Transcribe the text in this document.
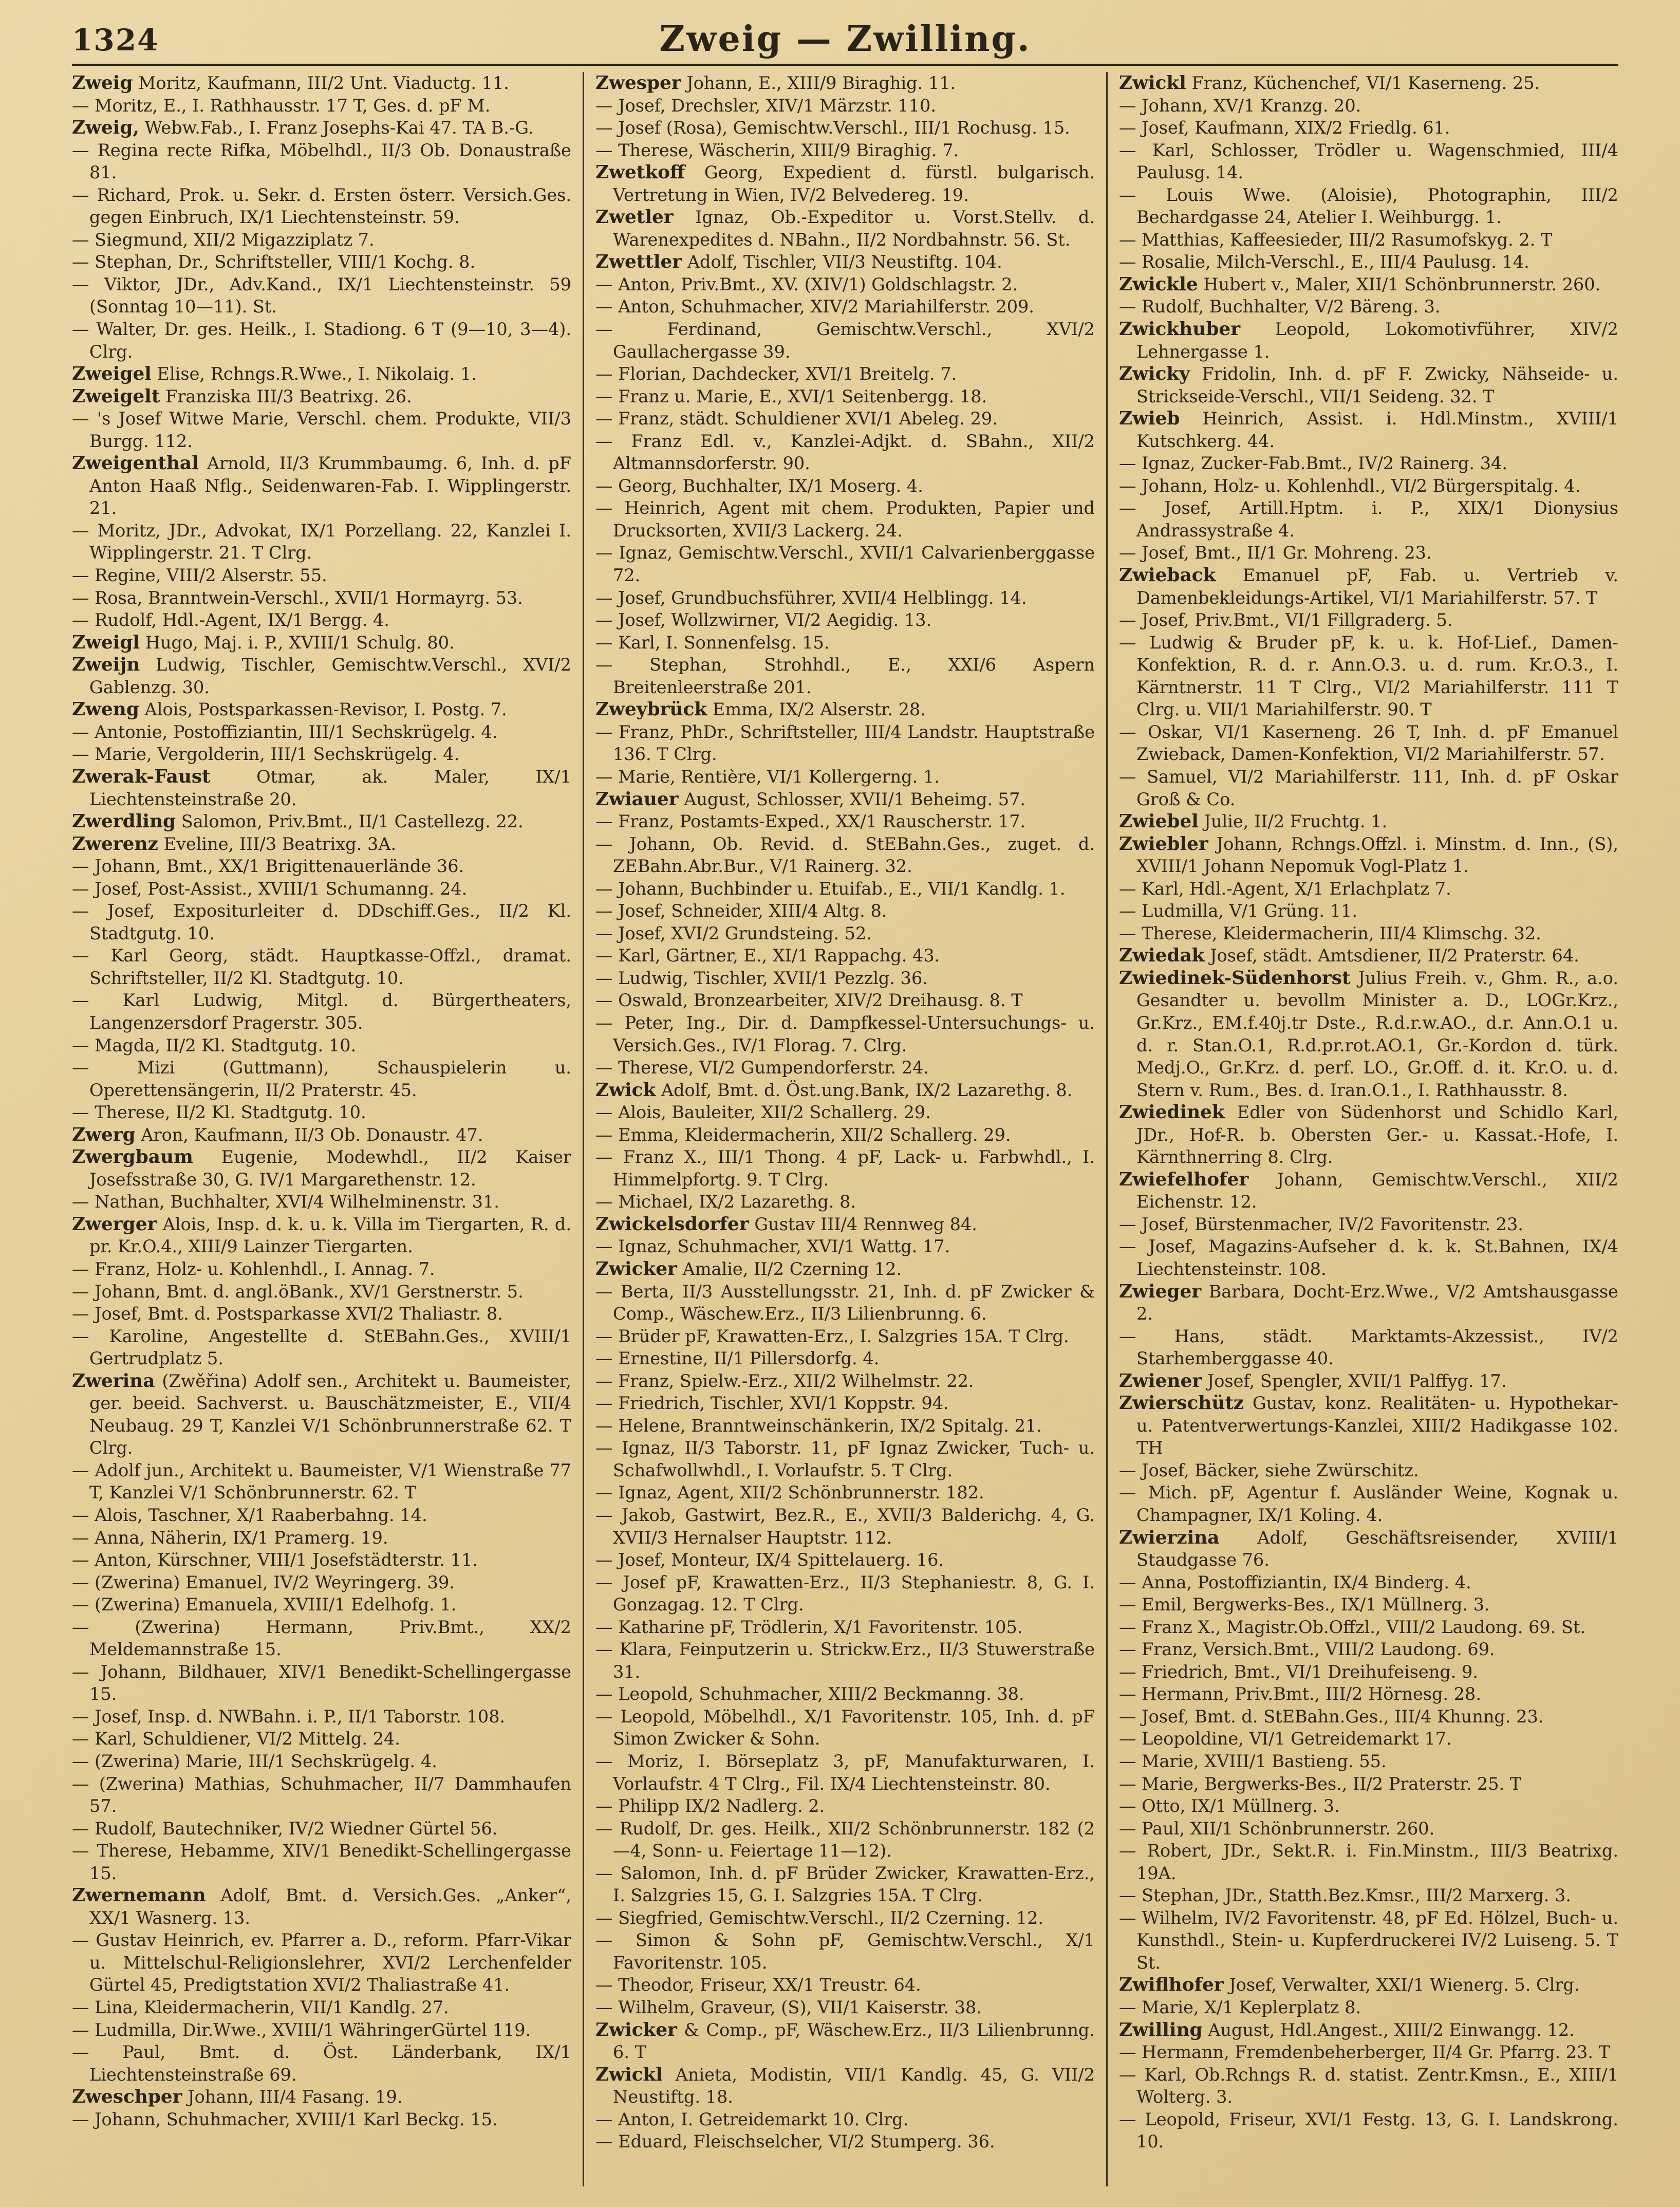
1324	Zweig — Zwilling.
Zweig Moritz, Kaufmann, III/2 Unt. Viaductg. 11.
— Moritz, E., I. Rathhausstr. 17 T, Ges. d. pF M.
Zweig, Webw.Fab., I. Franz Josephs-Kai 47. TA B.-G.
— Regina recte Rifka, Möbelhdl., II/3 Ob. Donaustraße 81.
— Richard, Prok. u. Sekr. d. Ersten österr. Versich.Ges. gegen Einbruch, IX/1 Liechtensteinstr. 59.
— Siegmund, XII/2 Migazziplatz 7.
— Stephan, Dr., Schriftsteller, VIII/1 Kochg. 8.
— Viktor, JDr., Adv.Kand., IX/1 Liechtensteinstr. 59 (Sonntag 10—11). St.
— Walter, Dr. ges. Heilk., I. Stadiong. 6 T (9—10, 3—4). Clrg.
Zweigel Elise, Rchngs.R.Wwe., I. Nikolaig. 1.
Zweigelt Franziska III/3 Beatrixg. 26.
— 's Josef Witwe Marie, Verschl. chem. Produkte, VII/3 Burgg. 112.
Zweigenthal Arnold, II/3 Krummbaumg. 6, Inh. d. pF Anton Haaß Nflg., Seidenwaren-Fab. I. Wipplingerstr. 21.
— Moritz, JDr., Advokat, IX/1 Porzellang. 22, Kanzlei I. Wipplingerstr. 21. T Clrg.
— Regine, VIII/2 Alserstr. 55.
— Rosa, Branntwein-Verschl., XVII/1 Hormayrg. 53.
— Rudolf, Hdl.-Agent, IX/1 Bergg. 4.
Zweigl Hugo, Maj. i. P., XVIII/1 Schulg. 80.
Zweijn Ludwig, Tischler, Gemischtw.Verschl., XVI/2 Gablenzg. 30.
Zweng Alois, Postsparkassen-Revisor, I. Postg. 7.
— Antonie, Postoffiziantin, III/1 Sechskrügelg. 4.
— Marie, Vergolderin, III/1 Sechskrügelg. 4.
Zwerak-Faust Otmar, ak. Maler, IX/1 Liechtensteinstraße 20.
Zwerdling Salomon, Priv.Bmt., II/1 Castellezg. 22.
Zwerenz Eveline, III/3 Beatrixg. 3A.
— Johann, Bmt., XX/1 Brigittenauerlände 36.
— Josef, Post-Assist., XVIII/1 Schumanng. 24.
— Josef, Expositurleiter d. DDschiff.Ges., II/2 Kl. Stadtgutg. 10.
— Karl Georg, städt. Hauptkasse-Offzl., dramat. Schriftsteller, II/2 Kl. Stadtgutg. 10.
— Karl Ludwig, Mitgl. d. Bürgertheaters, Langenzersdorf Pragerstr. 305.
— Magda, II/2 Kl. Stadtgutg. 10.
— Mizi (Guttmann), Schauspielerin u. Operettensängerin, II/2 Praterstr. 45.
— Therese, II/2 Kl. Stadtgutg. 10.
Zwerg Aron, Kaufmann, II/3 Ob. Donaustr. 47.
Zwergbaum Eugenie, Modewhdl., II/2 Kaiser Josefsstraße 30, G. IV/1 Margarethenstr. 12.
— Nathan, Buchhalter, XVI/4 Wilhelminenstr. 31.
Zwerger Alois, Insp. d. k. u. k. Villa im Tiergarten, R. d. pr. Kr.O.4., XIII/9 Lainzer Tiergarten.
— Franz, Holz- u. Kohlenhdl., I. Annag. 7.
— Johann, Bmt. d. angl.öBank., XV/1 Gerstnerstr. 5.
— Josef, Bmt. d. Postsparkasse XVI/2 Thaliastr. 8.
— Karoline, Angestellte d. StEBahn.Ges., XVIII/1 Gertrudplatz 5.
Zwerina (Zwěřina) Adolf sen., Architekt u. Baumeister, ger. beeid. Sachverst. u. Bauschätzmeister, E., VII/4 Neubaug. 29 T, Kanzlei V/1 Schönbrunnerstraße 62. T Clrg.
— Adolf jun., Architekt u. Baumeister, V/1 Wienstraße 77 T, Kanzlei V/1 Schönbrunnerstr. 62. T
— Alois, Taschner, X/1 Raaberbahng. 14.
— Anna, Näherin, IX/1 Pramerg. 19.
— Anton, Kürschner, VIII/1 Josefstädterstr. 11.
— (Zwerina) Emanuel, IV/2 Weyringerg. 39.
— (Zwerina) Emanuela, XVIII/1 Edelhofg. 1.
— (Zwerina) Hermann, Priv.Bmt., XX/2 Meldemannstraße 15.
— Johann, Bildhauer, XIV/1 Benedikt-Schellingergasse 15.
— Josef, Insp. d. NWBahn. i. P., II/1 Taborstr. 108.
— Karl, Schuldiener, VI/2 Mittelg. 24.
— (Zwerina) Marie, III/1 Sechskrügelg. 4.
— (Zwerina) Mathias, Schuhmacher, II/7 Dammhaufen 57.
— Rudolf, Bautechniker, IV/2 Wiedner Gürtel 56.
— Therese, Hebamme, XIV/1 Benedikt-Schellingergasse 15.
Zwernemann Adolf, Bmt. d. Versich.Ges. „Anker“, XX/1 Wasnerg. 13.
— Gustav Heinrich, ev. Pfarrer a. D., reform. Pfarr-Vikar u. Mittelschul-Religionslehrer, XVI/2 Lerchenfelder Gürtel 45, Predigtstation XVI/2 Thaliastraße 41.
— Lina, Kleidermacherin, VII/1 Kandlg. 27.
— Ludmilla, Dir.Wwe., XVIII/1 WähringerGürtel 119.
— Paul, Bmt. d. Öst. Länderbank, IX/1 Liechtensteinstraße 69.
Zweschper Johann, III/4 Fasang. 19.
— Johann, Schuhmacher, XVIII/1 Karl Beckg. 15.
Zwesper Johann, E., XIII/9 Biraghig. 11.
— Josef, Drechsler, XIV/1 Märzstr. 110.
— Josef (Rosa), Gemischtw.Verschl., III/1 Rochusg. 15.
— Therese, Wäscherin, XIII/9 Biraghig. 7.
Zwetkoff Georg, Expedient d. fürstl. bulgarisch. Vertretung in Wien, IV/2 Belvedereg. 19.
Zwetler Ignaz, Ob.-Expeditor u. Vorst.Stellv. d. Warenexpedites d. NBahn., II/2 Nordbahnstr. 56. St.
Zwettler Adolf, Tischler, VII/3 Neustiftg. 104.
— Anton, Priv.Bmt., XV. (XIV/1) Goldschlagstr. 2.
— Anton, Schuhmacher, XIV/2 Mariahilferstr. 209.
— Ferdinand, Gemischtw.Verschl., XVI/2 Gaullachergasse 39.
— Florian, Dachdecker, XVI/1 Breitelg. 7.
— Franz u. Marie, E., XVI/1 Seitenbergg. 18.
— Franz, städt. Schuldiener XVI/1 Abeleg. 29.
— Franz Edl. v., Kanzlei-Adjkt. d. SBahn., XII/2 Altmannsdorferstr. 90.
— Georg, Buchhalter, IX/1 Moserg. 4.
— Heinrich, Agent mit chem. Produkten, Papier und Drucksorten, XVII/3 Lackerg. 24.
— Ignaz, Gemischtw.Verschl., XVII/1 Calvarienberggasse 72.
— Josef, Grundbuchsführer, XVII/4 Helblingg. 14.
— Josef, Wollzwirner, VI/2 Aegidig. 13.
— Karl, I. Sonnenfelsg. 15.
— Stephan, Strohhdl., E., XXI/6 Aspern Breitenleerstraße 201.
Zweybrück Emma, IX/2 Alserstr. 28.
— Franz, PhDr., Schriftsteller, III/4 Landstr. Hauptstraße 136. T Clrg.
— Marie, Rentière, VI/1 Kollergerng. 1.
Zwiauer August, Schlosser, XVII/1 Beheimg. 57.
— Franz, Postamts-Exped., XX/1 Rauscherstr. 17.
— Johann, Ob. Revid. d. StEBahn.Ges., zuget. d. ZEBahn.Abr.Bur., V/1 Rainerg. 32.
— Johann, Buchbinder u. Etuifab., E., VII/1 Kandlg. 1.
— Josef, Schneider, XIII/4 Altg. 8.
— Josef, XVI/2 Grundsteing. 52.
— Karl, Gärtner, E., XI/1 Rappachg. 43.
— Ludwig, Tischler, XVII/1 Pezzlg. 36.
— Oswald, Bronzearbeiter, XIV/2 Dreihausg. 8. T
— Peter, Ing., Dir. d. Dampfkessel-Untersuchungs- u. Versich.Ges., IV/1 Florag. 7. Clrg.
— Therese, VI/2 Gumpendorferstr. 24.
Zwick Adolf, Bmt. d. Öst.ung.Bank, IX/2 Lazarethg. 8.
— Alois, Bauleiter, XII/2 Schallerg. 29.
— Emma, Kleidermacherin, XII/2 Schallerg. 29.
— Franz X., III/1 Thong. 4 pF, Lack- u. Farbwhdl., I. Himmelpfortg. 9. T Clrg.
— Michael, IX/2 Lazarethg. 8.
Zwickelsdorfer Gustav III/4 Rennweg 84.
— Ignaz, Schuhmacher, XVI/1 Wattg. 17.
Zwicker Amalie, II/2 Czerning 12.
— Berta, II/3 Ausstellungsstr. 21, Inh. d. pF Zwicker & Comp., Wäschew.Erz., II/3 Lilienbrunng. 6.
— Brüder pF, Krawatten-Erz., I. Salzgries 15A. T Clrg.
— Ernestine, II/1 Pillersdorfg. 4.
— Franz, Spielw.-Erz., XII/2 Wilhelmstr. 22.
— Friedrich, Tischler, XVI/1 Koppstr. 94.
— Helene, Branntweinschänkerin, IX/2 Spitalg. 21.
— Ignaz, II/3 Taborstr. 11, pF Ignaz Zwicker, Tuch- u. Schafwollwhdl., I. Vorlaufstr. 5. T Clrg.
— Ignaz, Agent, XII/2 Schönbrunnerstr. 182.
— Jakob, Gastwirt, Bez.R., E., XVII/3 Balderichg. 4, G. XVII/3 Hernalser Hauptstr. 112.
— Josef, Monteur, IX/4 Spittelauerg. 16.
— Josef pF, Krawatten-Erz., II/3 Stephaniestr. 8, G. I. Gonzagag. 12. T Clrg.
— Katharine pF, Trödlerin, X/1 Favoritenstr. 105.
— Klara, Feinputzerin u. Strickw.Erz., II/3 Stuwerstraße 31.
— Leopold, Schuhmacher, XIII/2 Beckmanng. 38.
— Leopold, Möbelhdl., X/1 Favoritenstr. 105, Inh. d. pF Simon Zwicker & Sohn.
— Moriz, I. Börseplatz 3, pF, Manufakturwaren, I. Vorlaufstr. 4 T Clrg., Fil. IX/4 Liechtensteinstr. 80.
— Philipp IX/2 Nadlerg. 2.
— Rudolf, Dr. ges. Heilk., XII/2 Schönbrunnerstr. 182 (2—4, Sonn- u. Feiertage 11—12).
— Salomon, Inh. d. pF Brüder Zwicker, Krawatten-Erz., I. Salzgries 15, G. I. Salzgries 15A. T Clrg.
— Siegfried, Gemischtw.Verschl., II/2 Czerning. 12.
— Simon & Sohn pF, Gemischtw.Verschl., X/1 Favoritenstr. 105.
— Theodor, Friseur, XX/1 Treustr. 64.
— Wilhelm, Graveur, (S), VII/1 Kaiserstr. 38.
Zwicker & Comp., pF, Wäschew.Erz., II/3 Lilienbrunng. 6. T
Zwickl Anieta, Modistin, VII/1 Kandlg. 45, G. VII/2 Neustiftg. 18.
— Anton, I. Getreidemarkt 10. Clrg.
— Eduard, Fleischselcher, VI/2 Stumperg. 36.
Zwickl Franz, Küchenchef, VI/1 Kaserneng. 25.
— Johann, XV/1 Kranzg. 20.
— Josef, Kaufmann, XIX/2 Friedlg. 61.
— Karl, Schlosser, Trödler u. Wagenschmied, III/4 Paulusg. 14.
— Louis Wwe. (Aloisie), Photographin, III/2 Bechardgasse 24, Atelier I. Weihburgg. 1.
— Matthias, Kaffeesieder, III/2 Rasumofskyg. 2. T
— Rosalie, Milch-Verschl., E., III/4 Paulusg. 14.
Zwickle Hubert v., Maler, XII/1 Schönbrunnerstr. 260.
— Rudolf, Buchhalter, V/2 Bäreng. 3.
Zwickhuber Leopold, Lokomotivführer, XIV/2 Lehnergasse 1.
Zwicky Fridolin, Inh. d. pF F. Zwicky, Nähseide- u. Strickseide-Verschl., VII/1 Seideng. 32. T
Zwieb Heinrich, Assist. i. Hdl.Minstm., XVIII/1 Kutschkerg. 44.
— Ignaz, Zucker-Fab.Bmt., IV/2 Rainerg. 34.
— Johann, Holz- u. Kohlenhdl., VI/2 Bürgerspitalg. 4.
— Josef, Artill.Hptm. i. P., XIX/1 Dionysius Andrassystraße 4.
— Josef, Bmt., II/1 Gr. Mohreng. 23.
Zwieback Emanuel pF, Fab. u. Vertrieb v. Damenbekleidungs-Artikel, VI/1 Mariahilferstr. 57. T
— Josef, Priv.Bmt., VI/1 Fillgraderg. 5.
— Ludwig & Bruder pF, k. u. k. Hof-Lief., Damen-Konfektion, R. d. r. Ann.O.3. u. d. rum. Kr.O.3., I. Kärntnerstr. 11 T Clrg., VI/2 Mariahilferstr. 111 T Clrg. u. VII/1 Mariahilferstr. 90. T
— Oskar, VI/1 Kaserneng. 26 T, Inh. d. pF Emanuel Zwieback, Damen-Konfektion, VI/2 Mariahilferstr. 57.
— Samuel, VI/2 Mariahilferstr. 111, Inh. d. pF Oskar Groß & Co.
Zwiebel Julie, II/2 Fruchtg. 1.
Zwiebler Johann, Rchngs.Offzl. i. Minstm. d. Inn., (S), XVIII/1 Johann Nepomuk Vogl-Platz 1.
— Karl, Hdl.-Agent, X/1 Erlachplatz 7.
— Ludmilla, V/1 Grüng. 11.
— Therese, Kleidermacherin, III/4 Klimschg. 32.
Zwiedak Josef, städt. Amtsdiener, II/2 Praterstr. 64.
Zwiedinek-Südenhorst Julius Freih. v., Ghm. R., a.o. Gesandter u. bevollm Minister a. D., LOGr.Krz., Gr.Krz., EM.f.40j.tr Dste., R.d.r.w.AO., d.r. Ann.O.1 u. d. r. Stan.O.1, R.d.pr.rot.AO.1, Gr.-Kordon d. türk. Medj.O., Gr.Krz. d. perf. LO., Gr.Off. d. it. Kr.O. u. d. Stern v. Rum., Bes. d. Iran.O.1., I. Rathhausstr. 8.
Zwiedinek Edler von Südenhorst und Schidlo Karl, JDr., Hof-R. b. Obersten Ger.- u. Kassat.-Hofe, I. Kärnthnerring 8. Clrg.
Zwiefelhofer Johann, Gemischtw.Verschl., XII/2 Eichenstr. 12.
— Josef, Bürstenmacher, IV/2 Favoritenstr. 23.
— Josef, Magazins-Aufseher d. k. k. St.Bahnen, IX/4 Liechtensteinstr. 108.
Zwieger Barbara, Docht-Erz.Wwe., V/2 Amtshausgasse 2.
— Hans, städt. Marktamts-Akzessist., IV/2 Starhemberggasse 40.
Zwiener Josef, Spengler, XVII/1 Palffyg. 17.
Zwierschütz Gustav, konz. Realitäten- u. Hypothekar- u. Patentverwertungs-Kanzlei, XIII/2 Hadikgasse 102. TH
— Josef, Bäcker, siehe Zwürschitz.
— Mich. pF, Agentur f. Ausländer Weine, Kognak u. Champagner, IX/1 Koling. 4.
Zwierzina Adolf, Geschäftsreisender, XVIII/1 Staudgasse 76.
— Anna, Postoffiziantin, IX/4 Binderg. 4.
— Emil, Bergwerks-Bes., IX/1 Müllnerg. 3.
— Franz X., Magistr.Ob.Offzl., VIII/2 Laudong. 69. St.
— Franz, Versich.Bmt., VIII/2 Laudong. 69.
— Friedrich, Bmt., VI/1 Dreihufeiseng. 9.
— Hermann, Priv.Bmt., III/2 Hörnesg. 28.
— Josef, Bmt. d. StEBahn.Ges., III/4 Khunng. 23.
— Leopoldine, VI/1 Getreidemarkt 17.
— Marie, XVIII/1 Bastieng. 55.
— Marie, Bergwerks-Bes., II/2 Praterstr. 25. T
— Otto, IX/1 Müllnerg. 3.
— Paul, XII/1 Schönbrunnerstr. 260.
— Robert, JDr., Sekt.R. i. Fin.Minstm., III/3 Beatrixg. 19A.
— Stephan, JDr., Statth.Bez.Kmsr., III/2 Marxerg. 3.
— Wilhelm, IV/2 Favoritenstr. 48, pF Ed. Hölzel, Buch- u. Kunsthdl., Stein- u. Kupferdruckerei IV/2 Luiseng. 5. T St.
Zwiflhofer Josef, Verwalter, XXI/1 Wienerg. 5. Clrg.
— Marie, X/1 Keplerplatz 8.
Zwilling August, Hdl.Angest., XIII/2 Einwangg. 12.
— Hermann, Fremdenbeherberger, II/4 Gr. Pfarrg. 23. T
— Karl, Ob.Rchngs R. d. statist. Zentr.Kmsn., E., XIII/1 Wolterg. 3.
— Leopold, Friseur, XVI/1 Festg. 13, G. I. Landskrong. 10.
